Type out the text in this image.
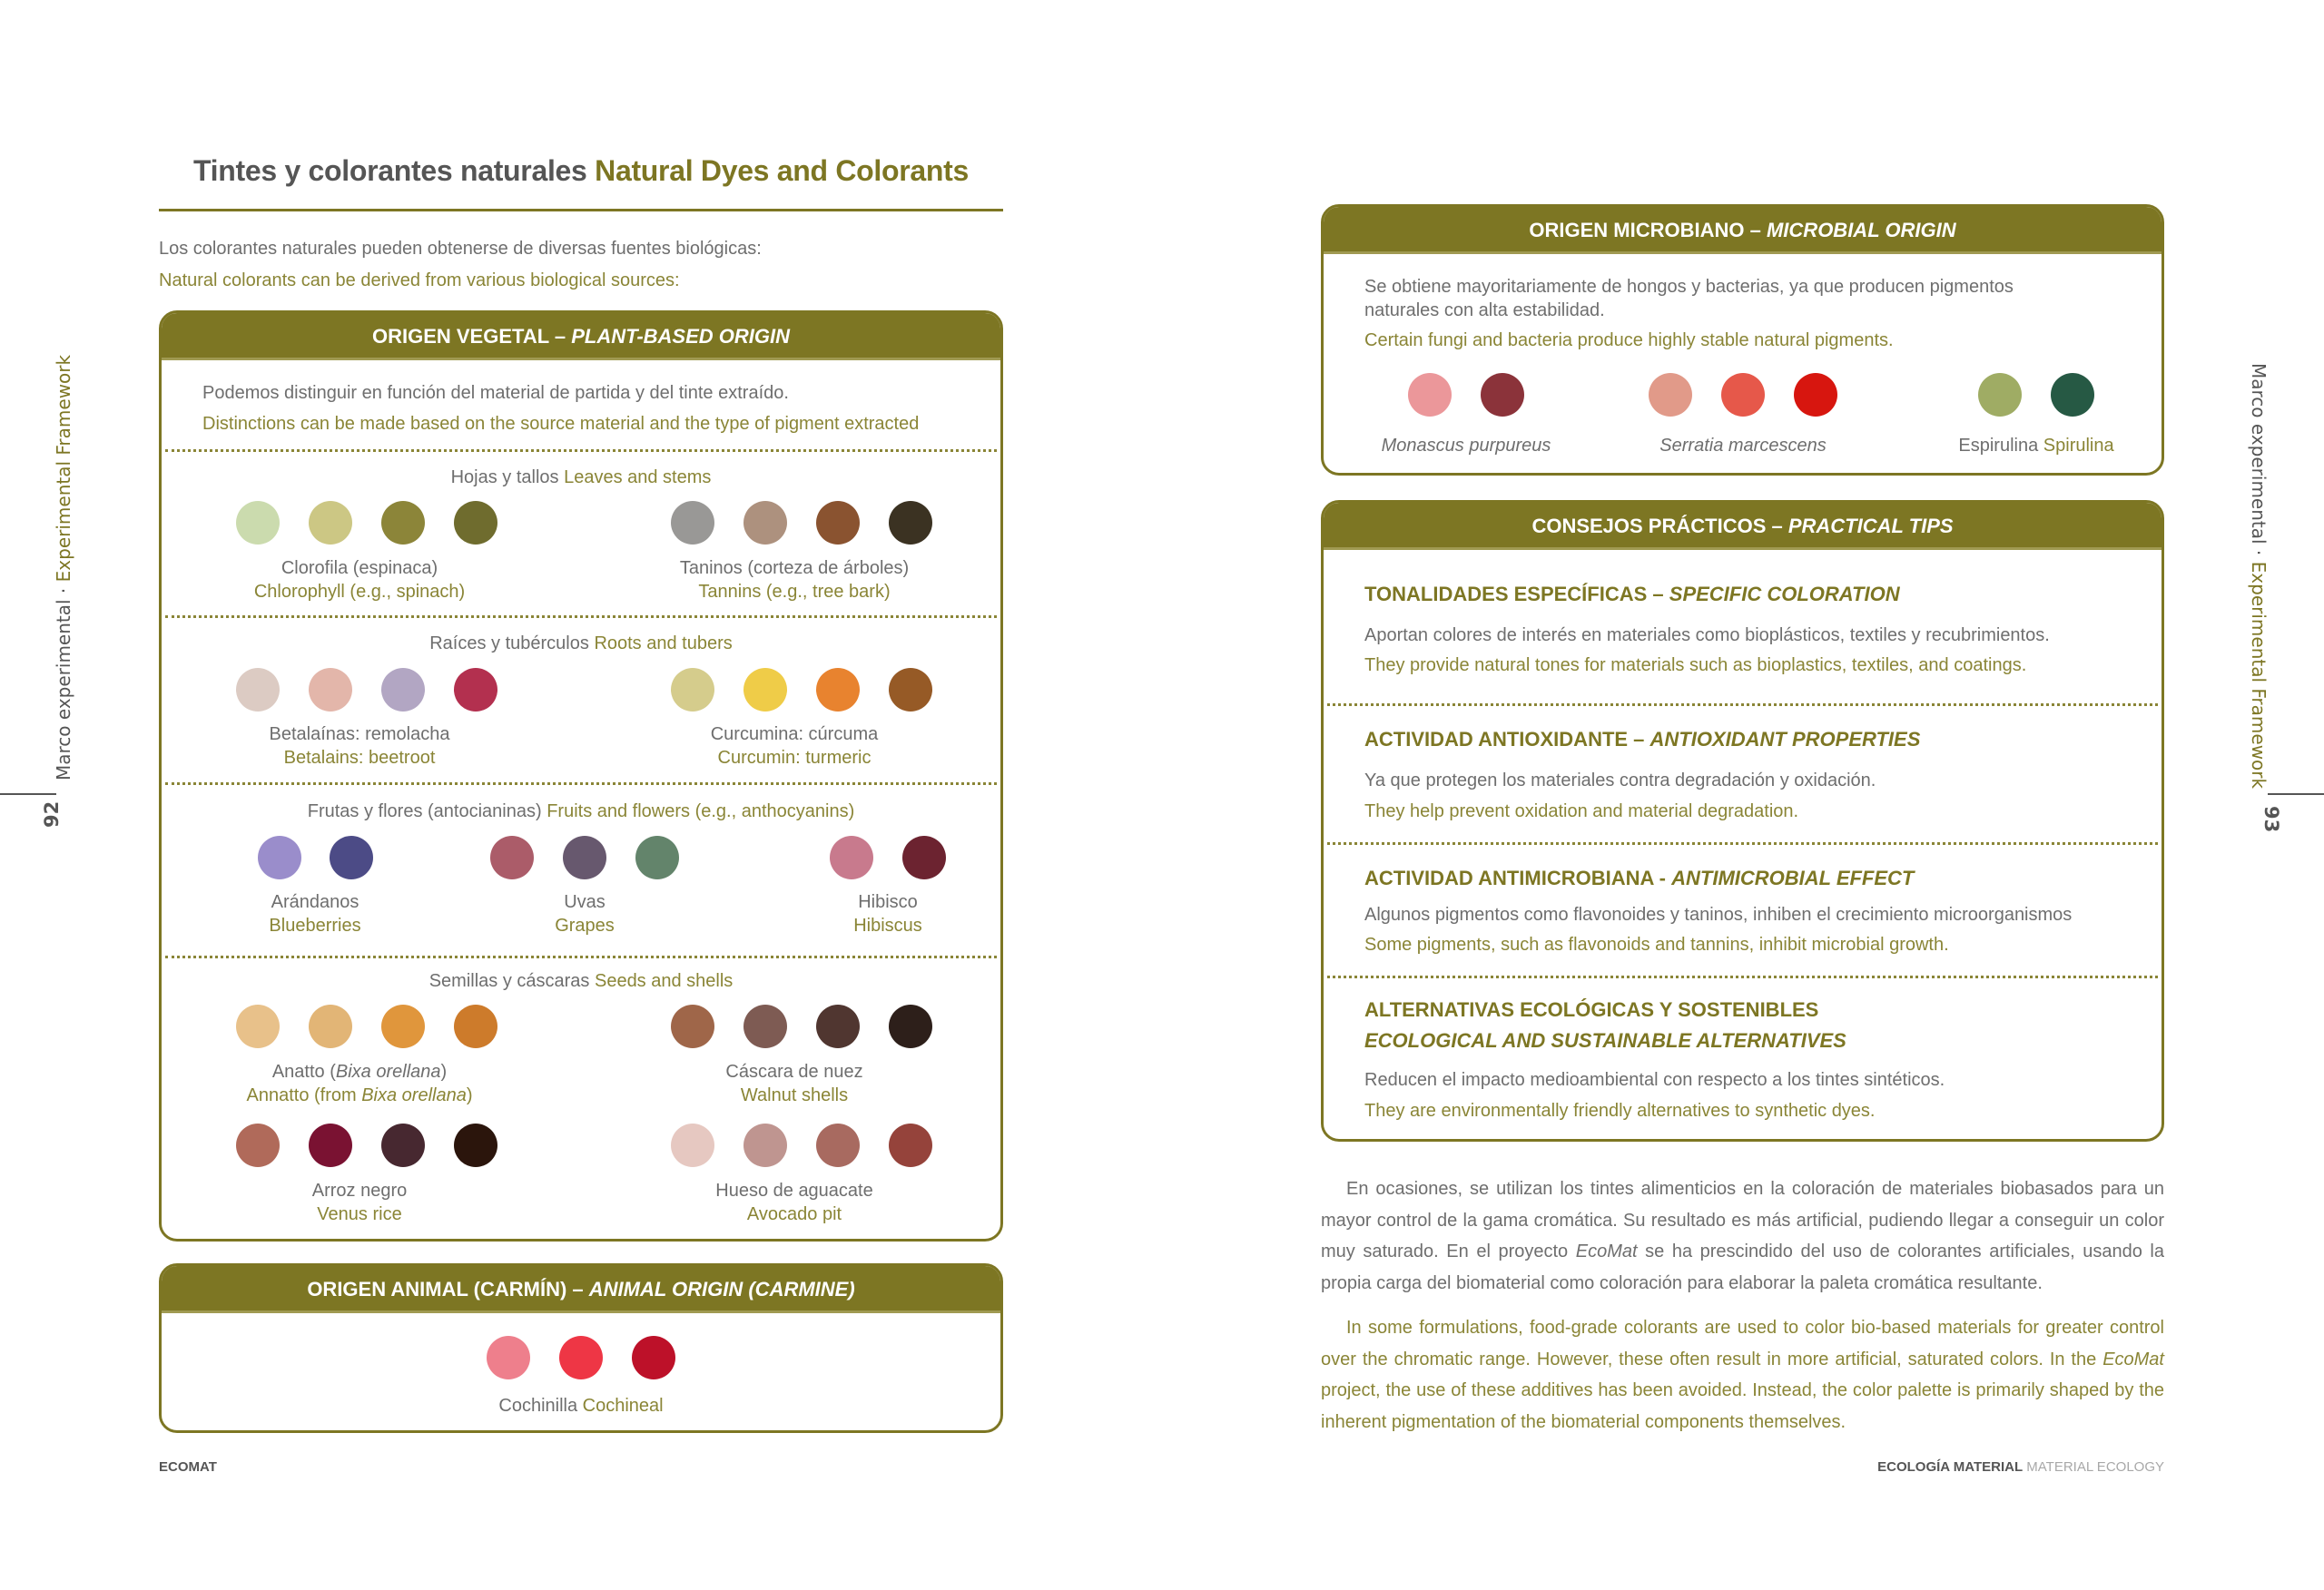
Marco experimental · Experimental Framework
92
Marco experimental · Experimental Framework
93
Tintes y colorantes naturales Natural Dyes and Colorants
Los colorantes naturales pueden obtenerse de diversas fuentes biológicas:
Natural colorants can be derived from various biological sources:
ORIGEN VEGETAL – PLANT-BASED ORIGIN
Podemos distinguir en función del material de partida y del tinte extraído.
Distinctions can be made based on the source material and the type of pigment extracted
Hojas y tallos Leaves and stems
Clorofila (espinaca)
Chlorophyll (e.g., spinach)
Taninos (corteza de árboles)
Tannins (e.g., tree bark)
Raíces y tubérculos Roots and tubers
Betalaínas: remolacha
Betalains: beetroot
Curcumina: cúrcuma
Curcumin: turmeric
Frutas y flores (antocianinas) Fruits and flowers (e.g., anthocyanins)
Arándanos
Blueberries
Uvas
Grapes
Hibisco
Hibiscus
Semillas y cáscaras Seeds and shells
Anatto (Bixa orellana)
Annatto (from Bixa orellana)
Cáscara de nuez
Walnut shells
Arroz negro
Venus rice
Hueso de aguacate
Avocado pit
ORIGEN ANIMAL (CARMÍN) – ANIMAL ORIGIN (CARMINE)
Cochinilla Cochineal
ORIGEN MICROBIANO – MICROBIAL ORIGIN
Se obtiene mayoritariamente de hongos y bacterias, ya que producen pigmentos
naturales con alta estabilidad.
Certain fungi and bacteria produce highly stable natural pigments.
Monascus purpureus	Serratia marcescens	Espirulina Spirulina
CONSEJOS PRÁCTICOS – PRACTICAL TIPS
TONALIDADES ESPECÍFICAS – SPECIFIC COLORATION
Aportan colores de interés en materiales como bioplásticos, textiles y recubrimientos.
They provide natural tones for materials such as bioplastics, textiles, and coatings.
ACTIVIDAD ANTIOXIDANTE – ANTIOXIDANT PROPERTIES
Ya que protegen los materiales contra degradación y oxidación.
They help prevent oxidation and material degradation.
ACTIVIDAD ANTIMICROBIANA - ANTIMICROBIAL EFFECT
Algunos pigmentos como flavonoides y taninos, inhiben el crecimiento microorganismos
Some pigments, such as flavonoids and tannins, inhibit microbial growth.
ALTERNATIVAS ECOLÓGICAS Y SOSTENIBLES
ECOLOGICAL AND SUSTAINABLE ALTERNATIVES
Reducen el impacto medioambiental con respecto a los tintes sintéticos.
They are environmentally friendly alternatives to synthetic dyes.
En ocasiones, se utilizan los tintes alimenticios en la coloración de materiales biobasados para un mayor control de la gama cromática. Su resultado es más artificial, pudiendo llegar a conseguir un color muy saturado. En el proyecto EcoMat se ha prescindido del uso de colorantes artificiales, usando la propia carga del biomaterial como coloración para elaborar la paleta cromática resultante.
In some formulations, food-grade colorants are used to color bio-based materials for greater control over the chromatic range. However, these often result in more artificial, saturated colors. In the EcoMat project, the use of these additives has been avoided. Instead, the color palette is primarily shaped by the inherent pigmentation of the biomaterial components themselves.
ECOMAT	ECOLOGÍA MATERIAL MATERIAL ECOLOGY
